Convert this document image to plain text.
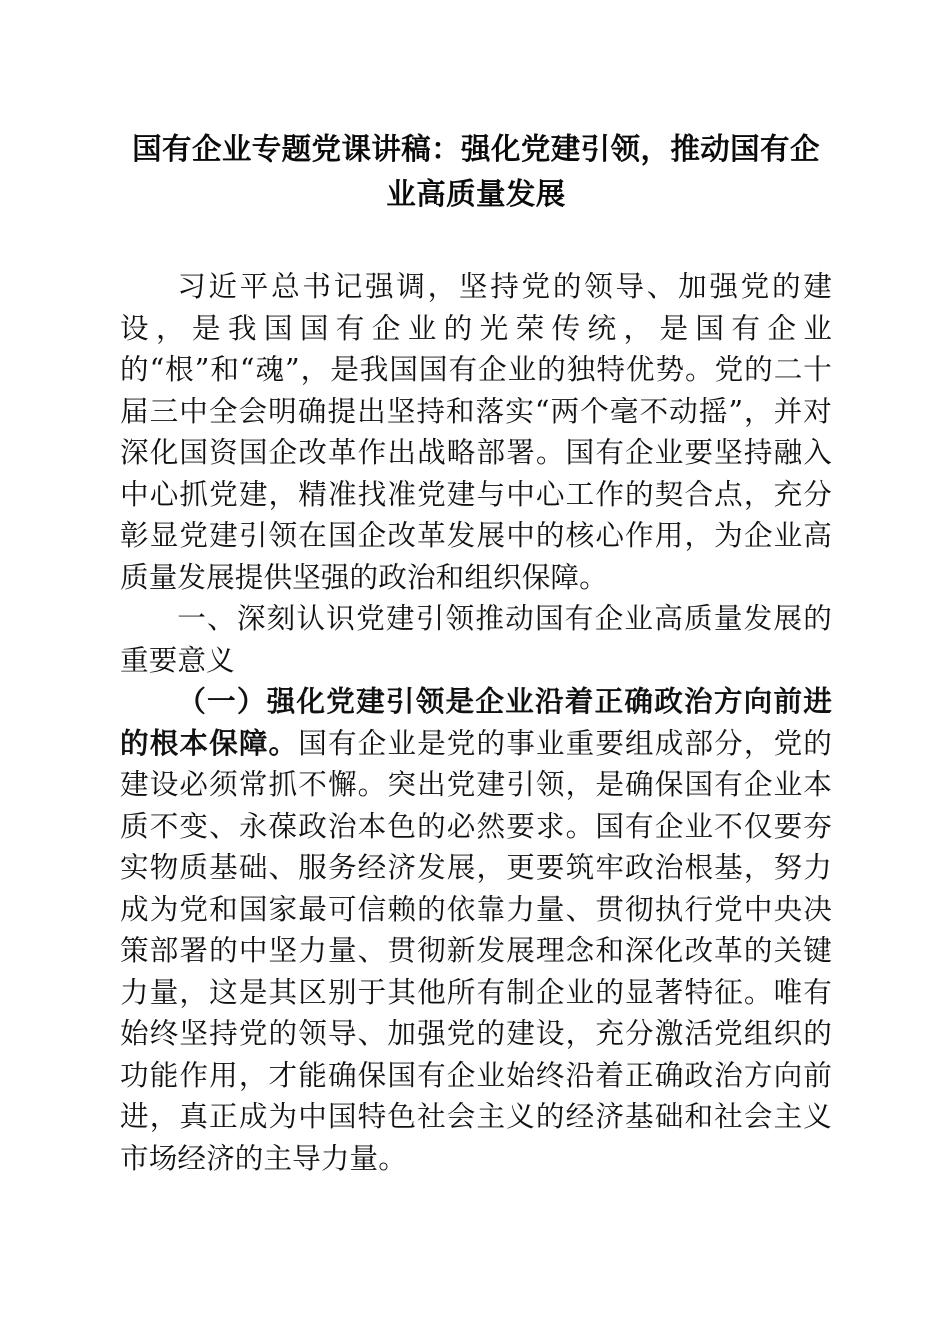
国有企业专题党课讲稿：强化党建引领，推动国有企业高质量发展

习近平总书记强调，坚持党的领导、加强党的建设，是我国国有企业的光荣传统，是国有企业的“根”和“魂”，是我国国有企业的独特优势。党的二十届三中全会明确提出坚持和落实“两个毫不动摇”，并对深化国资国企改革作出战略部署。国有企业要坚持融入中心抓党建，精准找准党建与中心工作的契合点，充分彰显党建引领在国企改革发展中的核心作用，为企业高质量发展提供坚强的政治和组织保障。

一、深刻认识党建引领推动国有企业高质量发展的重要意义

（一）强化党建引领是企业沿着正确政治方向前进的根本保障。国有企业是党的事业重要组成部分，党的建设必须常抓不懈。突出党建引领，是确保国有企业本质不变、永葆政治本色的必然要求。国有企业不仅要夯实物质基础、服务经济发展，更要筑牢政治根基，努力成为党和国家最可信赖的依靠力量、贯彻执行党中央决策部署的中坚力量、贯彻新发展理念和深化改革的关键力量，这是其区别于其他所有制企业的显著特征。唯有始终坚持党的领导、加强党的建设，充分激活党组织的功能作用，才能确保国有企业始终沿着正确政治方向前进，真正成为中国特色社会主义的经济基础和社会主义市场经济的主导力量。
